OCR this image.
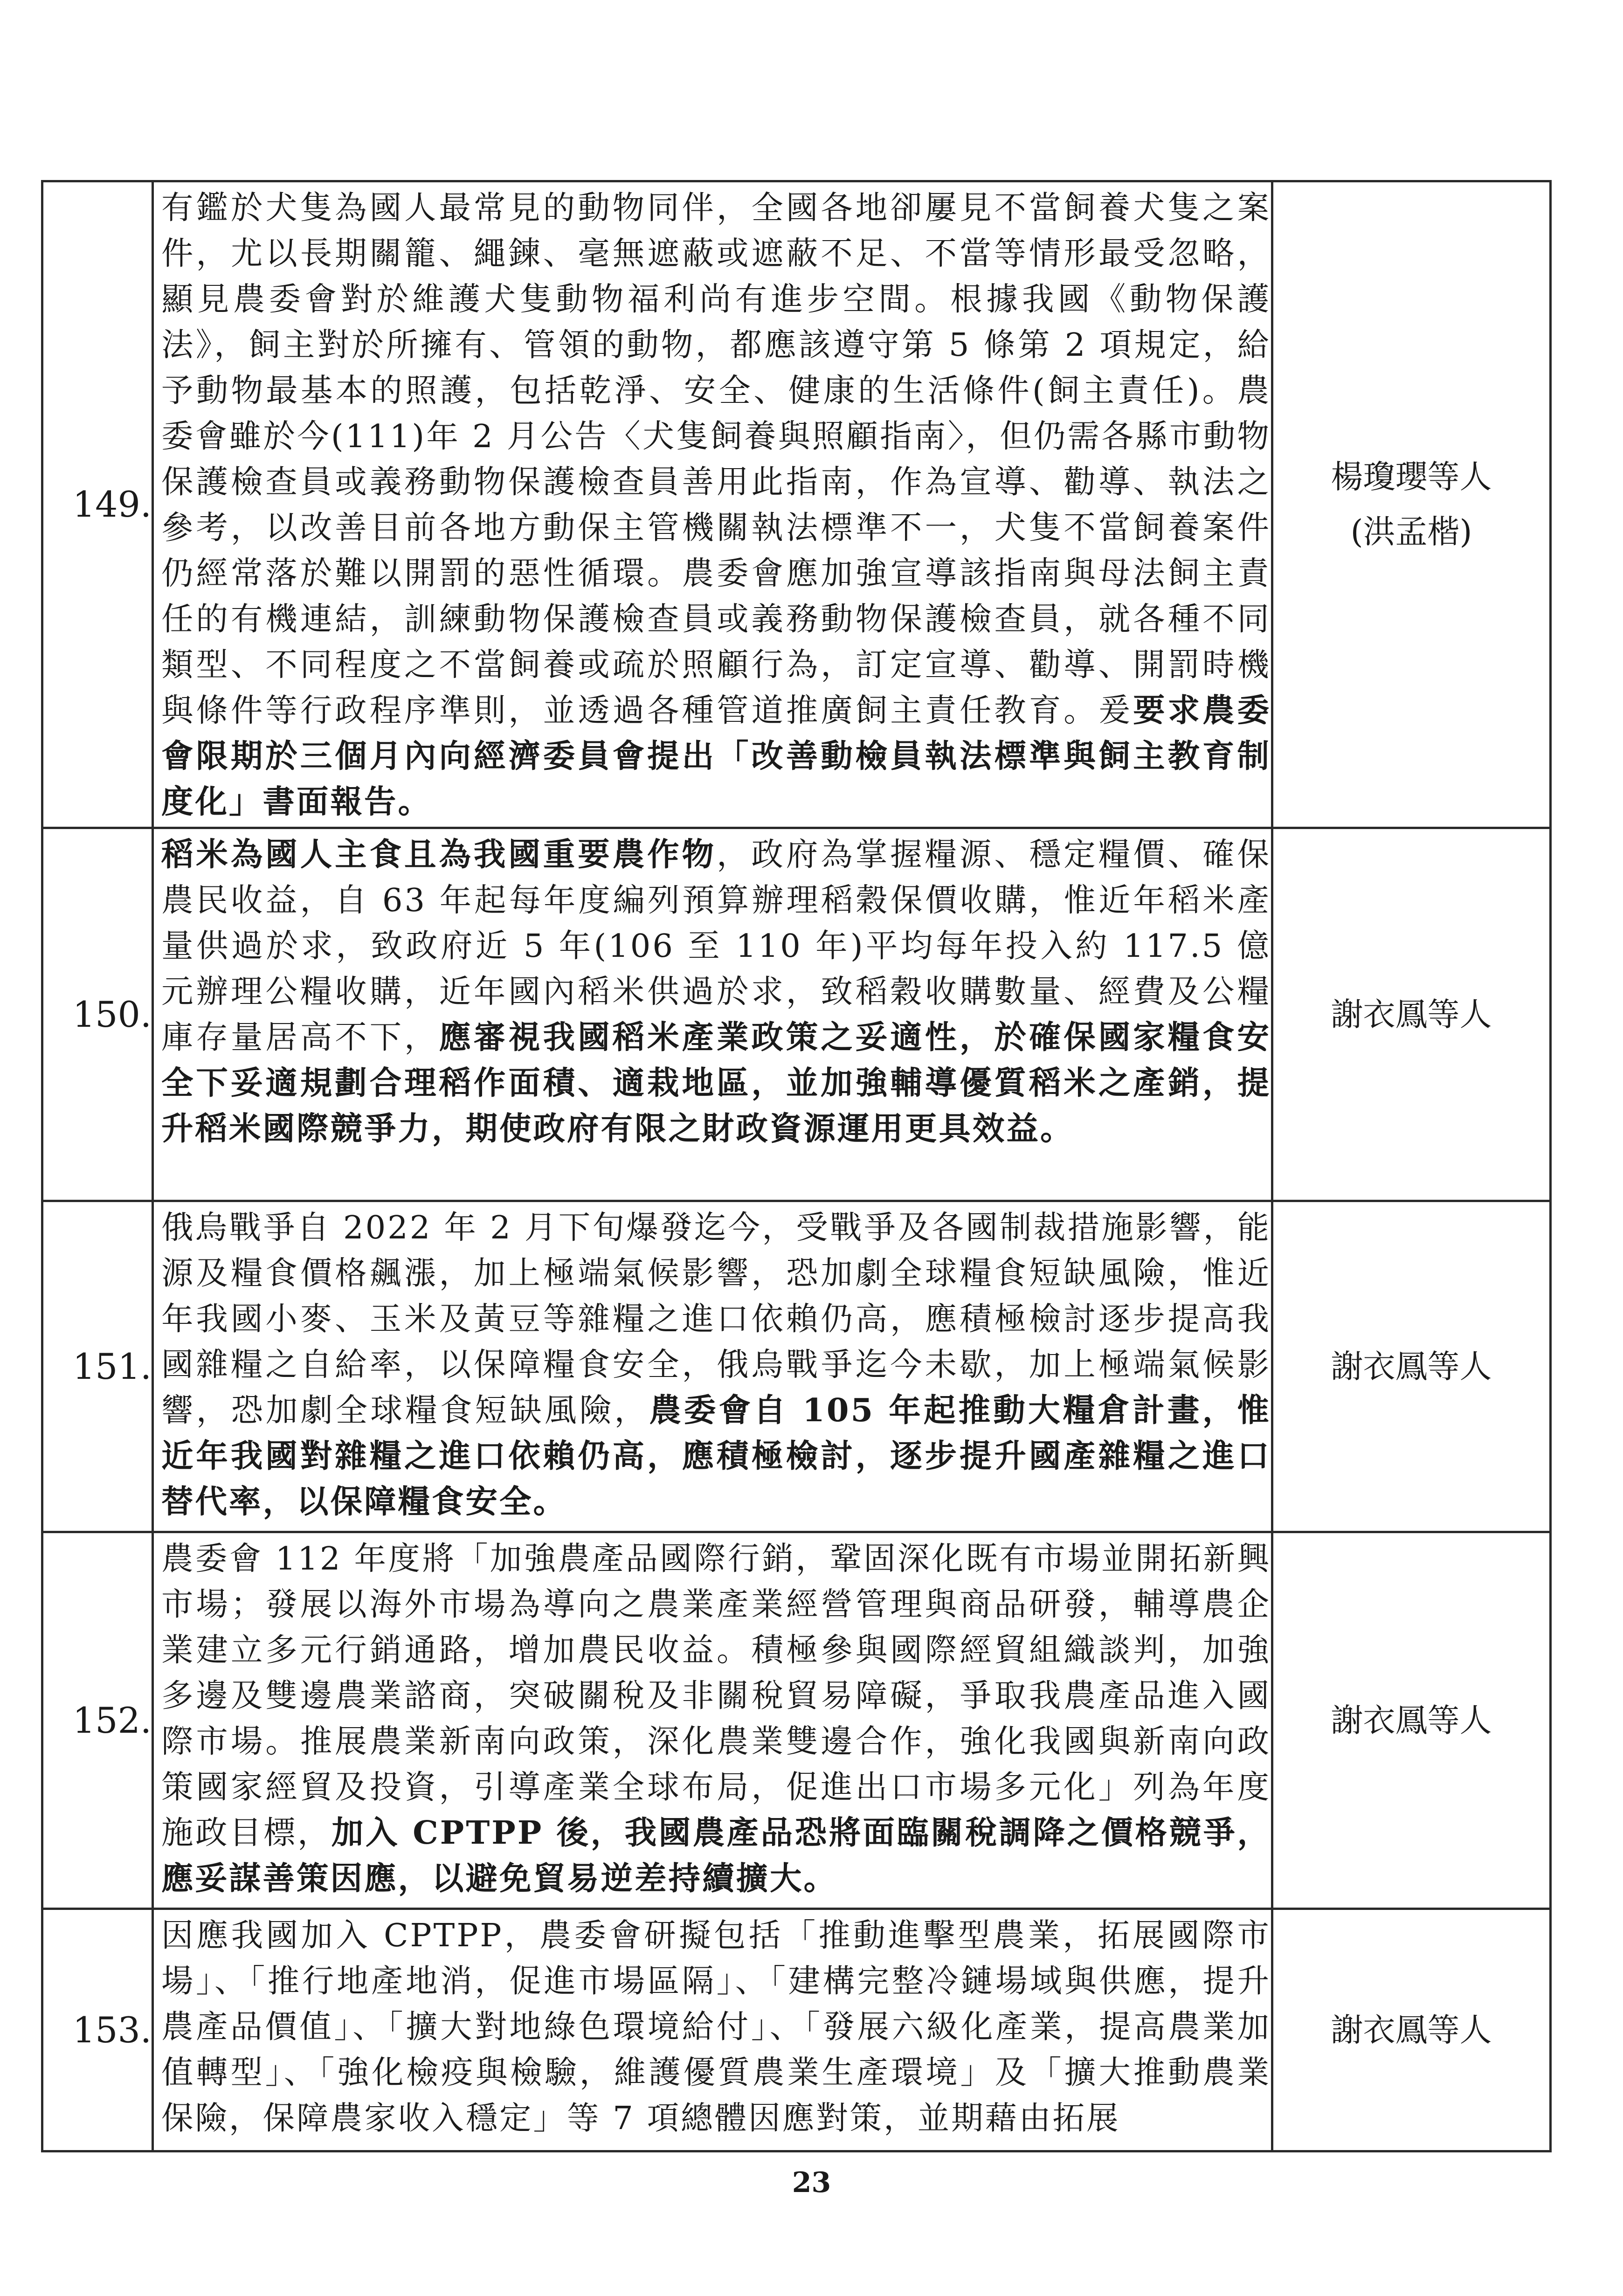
149.	有鑑於犬隻為國人最常見的動物同伴，全國各地卻屢見不當飼養犬隻之案件，尤以長期關籠、繩鍊、毫無遮蔽或遮蔽不足、不當等情形最受忽略，顯見農委會對於維護犬隻動物福利尚有進步空間。根據我國《動物保護法》，飼主對於所擁有、管領的動物，都應該遵守第 5 條第 2 項規定，給予動物最基本的照護，包括乾淨、安全、健康的生活條件(飼主責任)。農委會雖於今(111)年 2 月公告〈犬隻飼養與照顧指南〉，但仍需各縣市動物保護檢查員或義務動物保護檢查員善用此指南，作為宣導、勸導、執法之參考，以改善目前各地方動保主管機關執法標準不一，犬隻不當飼養案件仍經常落於難以開罰的惡性循環。農委會應加強宣導該指南與母法飼主責任的有機連結，訓練動物保護檢查員或義務動物保護檢查員，就各種不同類型、不同程度之不當飼養或疏於照顧行為，訂定宣導、勸導、開罰時機與條件等行政程序準則，並透過各種管道推廣飼主責任教育。爰要求農委會限期於三個月內向經濟委員會提出「改善動檢員執法標準與飼主教育制度化」書面報告。	楊瓊瓔等人
(洪孟楷)

150.	稻米為國人主食且為我國重要農作物，政府為掌握糧源、穩定糧價、確保農民收益，自 63 年起每年度編列預算辦理稻穀保價收購，惟近年稻米產量供過於求，致政府近 5 年(106 至 110 年)平均每年投入約 117.5 億元辦理公糧收購，近年國內稻米供過於求，致稻穀收購數量、經費及公糧庫存量居高不下，應審視我國稻米產業政策之妥適性，於確保國家糧食安全下妥適規劃合理稻作面積、適栽地區，並加強輔導優質稻米之產銷，提升稻米國際競爭力，期使政府有限之財政資源運用更具效益。	謝衣鳳等人

151.	俄烏戰爭自 2022 年 2 月下旬爆發迄今，受戰爭及各國制裁措施影響，能源及糧食價格飆漲，加上極端氣候影響，恐加劇全球糧食短缺風險，惟近年我國小麥、玉米及黃豆等雜糧之進口依賴仍高，應積極檢討逐步提高我國雜糧之自給率，以保障糧食安全，俄烏戰爭迄今未歇，加上極端氣候影響，恐加劇全球糧食短缺風險，農委會自 105 年起推動大糧倉計畫，惟近年我國對雜糧之進口依賴仍高，應積極檢討，逐步提升國產雜糧之進口替代率，以保障糧食安全。	謝衣鳳等人

152.	農委會 112 年度將「加強農產品國際行銷，鞏固深化既有市場並開拓新興市場；發展以海外市場為導向之農業產業經營管理與商品研發，輔導農企業建立多元行銷通路，增加農民收益。積極參與國際經貿組織談判，加強多邊及雙邊農業諮商，突破關稅及非關稅貿易障礙，爭取我農產品進入國際市場。推展農業新南向政策，深化農業雙邊合作，強化我國與新南向政策國家經貿及投資，引導產業全球布局，促進出口市場多元化」列為年度施政目標，加入 CPTPP 後，我國農產品恐將面臨關稅調降之價格競爭，應妥謀善策因應，以避免貿易逆差持續擴大。	謝衣鳳等人

153.	因應我國加入 CPTPP，農委會研擬包括「推動進擊型農業，拓展國際市場」、「推行地產地消，促進市場區隔」、「建構完整冷鏈場域與供應，提升農產品價值」、「擴大對地綠色環境給付」、「發展六級化產業，提高農業加值轉型」、「強化檢疫與檢驗，維護優質農業生產環境」及「擴大推動農業保險，保障農家收入穩定」等 7 項總體因應對策，並期藉由拓展	謝衣鳳等人
23
